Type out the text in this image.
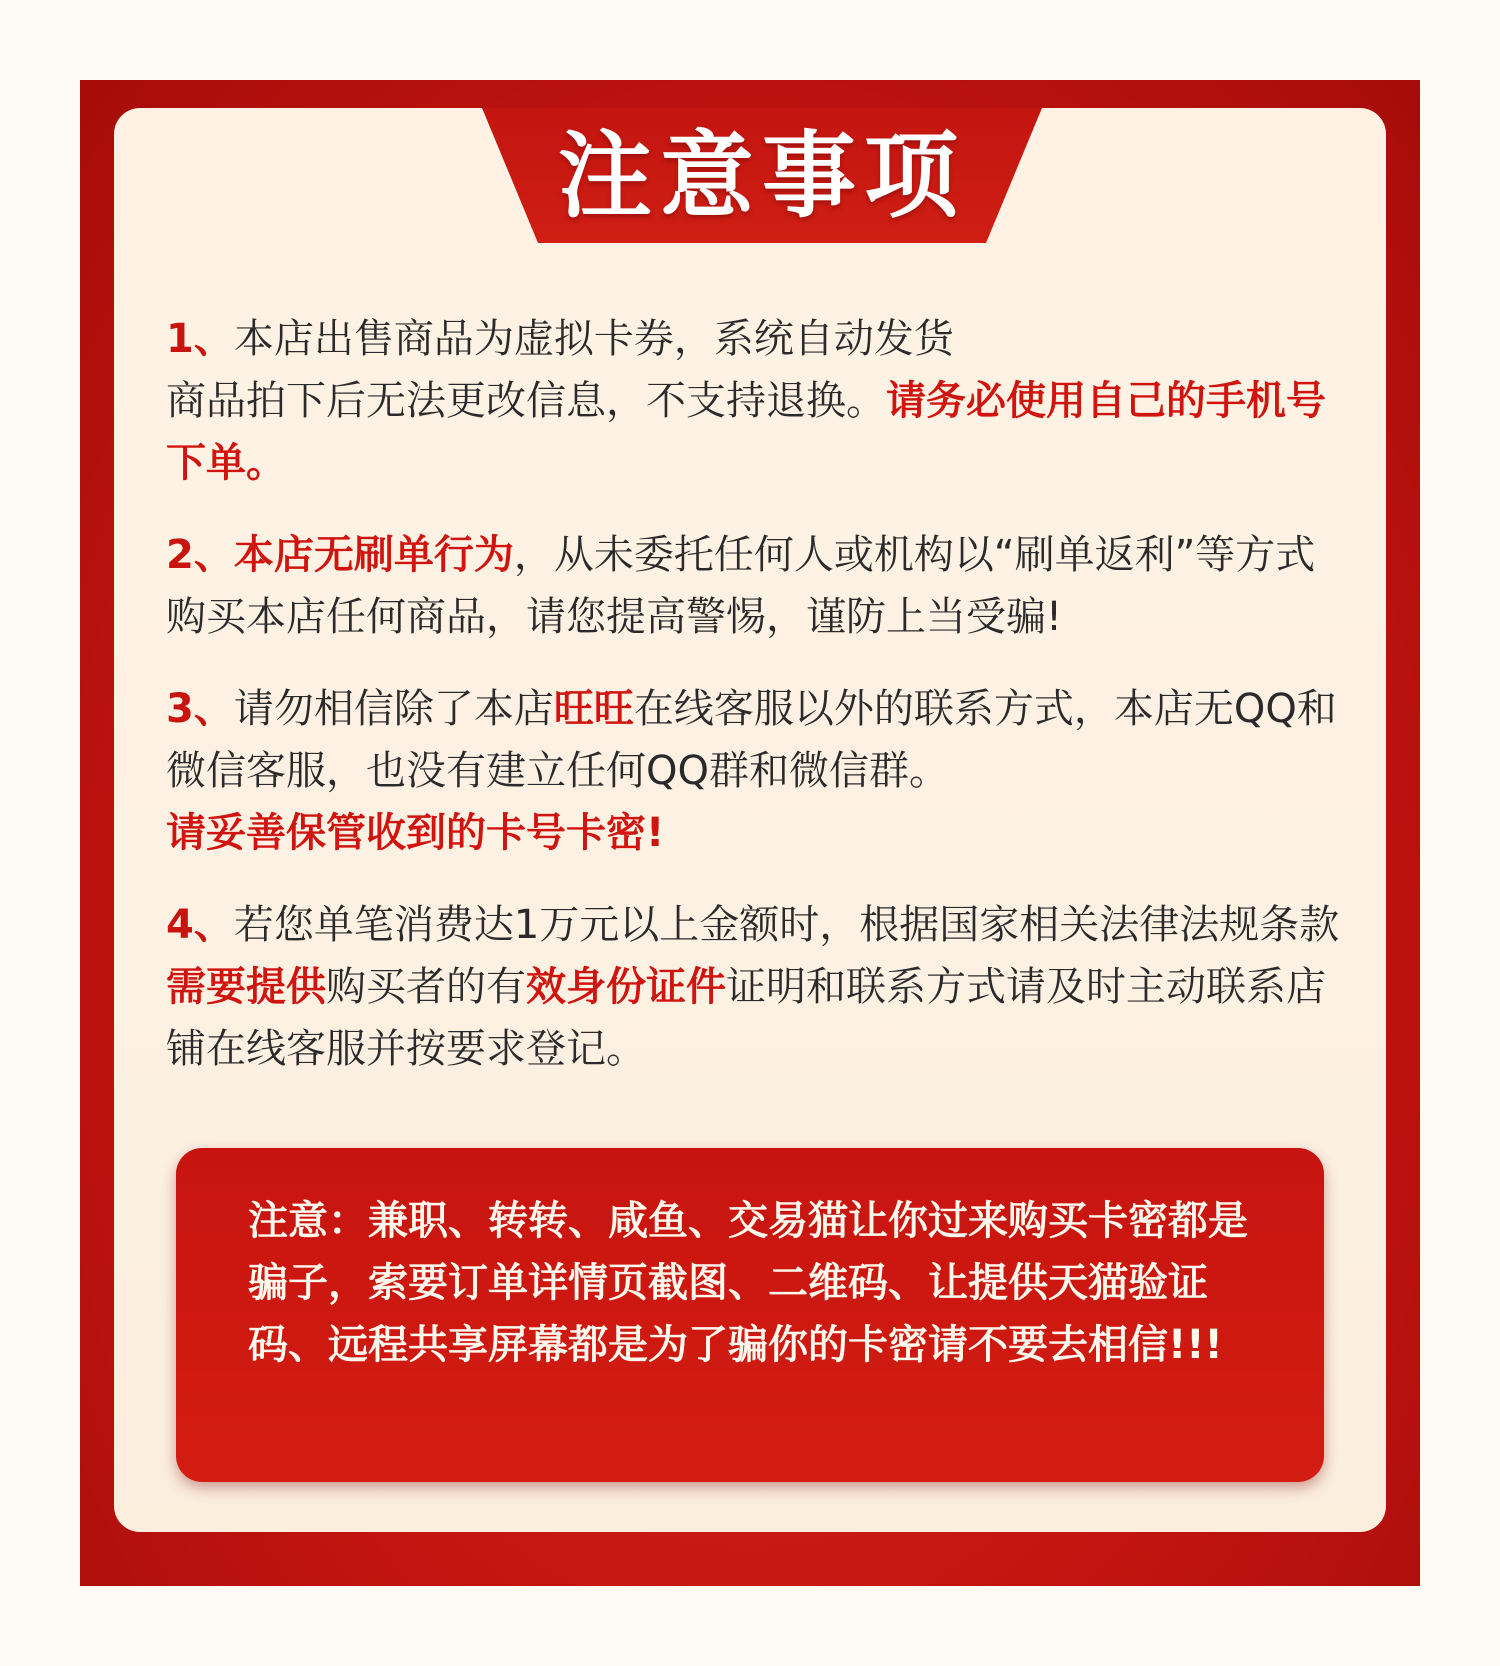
注意事项

1、本店出售商品为虚拟卡券，系统自动发货

商品拍下后无法更改信息，不支持退换。请务必使用自己的手机号下单。

2、本店无刷单行为，从未委托任何人或机构以“刷单返利”等方式购买本店任何商品，请您提高警惕，谨防上当受骗!

3、请勿相信除了本店旺旺在线客服以外的联系方式，本店无QQ和微信客服，也没有建立任何QQ群和微信群。

请妥善保管收到的卡号卡密!

4、若您单笔消费达1万元以上金额时，根据国家相关法律法规条款需要提供购买者的有效身份证件证明和联系方式请及时主动联系店铺在线客服并按要求登记。

注意：兼职、转转、咸鱼、交易猫让你过来购买卡密都是骗子，索要订单详情页截图、二维码、让提供天猫验证码、远程共享屏幕都是为了骗你的卡密请不要去相信!!!
